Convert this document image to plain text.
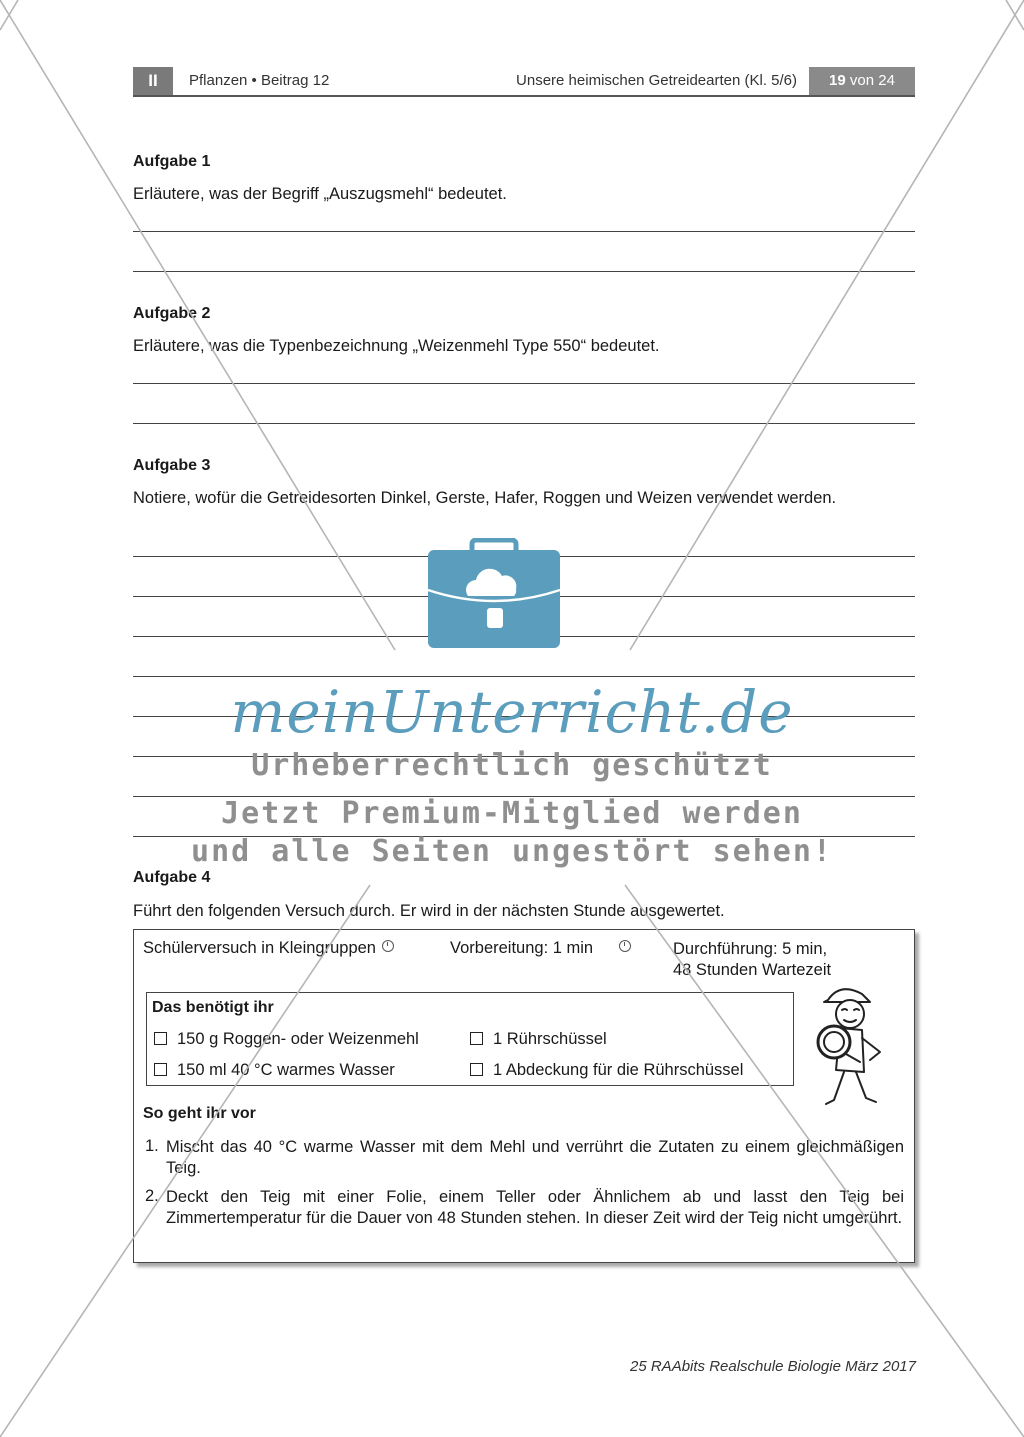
II	Pflanzen • Beitrag 12	Unsere heimischen Getreidearten (Kl. 5/6)	19 von 24
Aufgabe 1
Erläutere, was der Begriff „Auszugsmehl“ bedeutet.
Aufgabe 2
Erläutere, was die Typenbezeichnung „Weizenmehl Type 550“ bedeutet.
Aufgabe 3
Notiere, wofür die Getreidesorten Dinkel, Gerste, Hafer, Roggen und Weizen verwendet werden.
meinUnterricht.de
Urheberrechtlich geschützt
Jetzt Premium-Mitglied werden
und alle Seiten ungestört sehen!
Aufgabe 4
Führt den folgenden Versuch durch. Er wird in der nächsten Stunde ausgewertet.
Schülerversuch in Kleingruppen	Vorbereitung: 1 min	Durchführung: 5 min,
48 Stunden Wartezeit
Das benötigt ihr
150 g Roggen- oder Weizenmehl	1 Rührschüssel
150 ml 40 °C warmes Wasser	1 Abdeckung für die Rührschüssel
So geht ihr vor
1. Mischt das 40 °C warme Wasser mit dem Mehl und verrührt die Zutaten zu einem gleichmäßigen Teig.
2. Deckt den Teig mit einer Folie, einem Teller oder Ähnlichem ab und lasst den Teig bei Zimmertemperatur für die Dauer von 48 Stunden stehen. In dieser Zeit wird der Teig nicht umgerührt.
25 RAAbits Realschule Biologie März 2017
